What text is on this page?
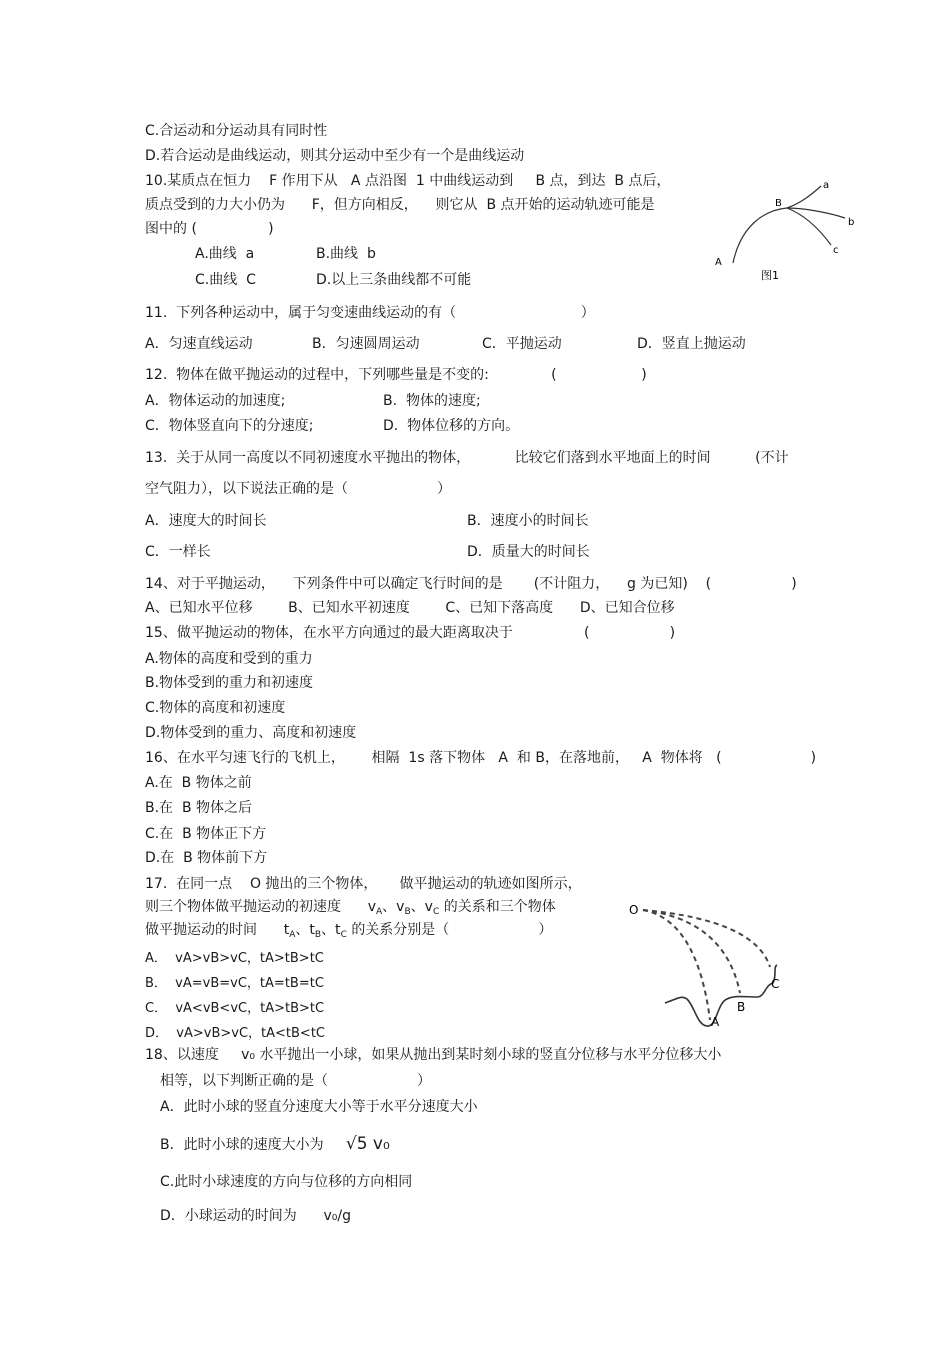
C.合运动和分运动具有同时性
D.若合运动是曲线运动，则其分运动中至少有一个是曲线运动
10.某质点在恒力    F 作用下从   A 点沿图  1 中曲线运动到     B 点，到达  B 点后，
质点受到的力大小仍为      F，但方向相反，    则它从  B 点开始的运动轨迹可能是
图中的 (                )
A.曲线  a	B.曲线  b
C.曲线  C	D.以上三条曲线都不可能
a
b
c
B
A
图1
11.  下列各种运动中，属于匀变速曲线运动的有（                            ）
A．匀速直线运动	B．匀速圆周运动	C．平抛运动	D．竖直上抛运动
12.  物体在做平抛运动的过程中，下列哪些量是不变的:              (                   )
A．物体运动的加速度;	B.  物体的速度;
C．物体竖直向下的分速度;	D.  物体位移的方向。
13.  关于从同一高度以不同初速度水平抛出的物体，          比较它们落到水平地面上的时间          (不计
空气阻力），以下说法正确的是（                    ）
A．速度大的时间长	B．速度小的时间长
C．一样长	D．质量大的时间长
14、对于平抛运动，    下列条件中可以确定飞行时间的是       (不计阻力，    g 为已知)    (                  )
A、已知水平位移        B、已知水平初速度        C、已知下落高度      D、已知合位移
15、做平抛运动的物体，在水平方向通过的最大距离取决于                (                  )
A.物体的高度和受到的重力
B.物体受到的重力和初速度
C.物体的高度和初速度
D.物体受到的重力、高度和初速度
16、在水平匀速飞行的飞机上，      相隔  1s 落下物体   A  和 B，在落地前，   A  物体将   (                    )
A.在  B 物体之前
B.在  B 物体之后
C.在  B 物体正下方
D.在  B 物体前下方
17.  在同一点    O 抛出的三个物体，     做平抛运动的轨迹如图所示，
则三个物体做平抛运动的初速度      $v_A$、$v_B$、$v_C$ 的关系和三个物体
做平抛运动的时间      $t_A$、$t_B$、$t_C$ 的关系分别是（                    ）
A．  vA>vB>vC，tA>tB>tC
B．  vA=vB=vC，tA=tB=tC
C．  vA<vB<vC，tA>tB>tC
D．  vA>vB>vC，tA<tB<tC
O
A
B
C
18、以速度     v₀ 水平抛出一小球，如果从抛出到某时刻小球的竖直分位移与水平分位移大小
相等，以下判断正确的是（                    ）
A．此时小球的竖直分速度大小等于水平分速度大小
B．此时小球的速度大小为 √5 v₀
C.此时小球速度的方向与位移的方向相同
D．小球运动的时间为      v₀/g
